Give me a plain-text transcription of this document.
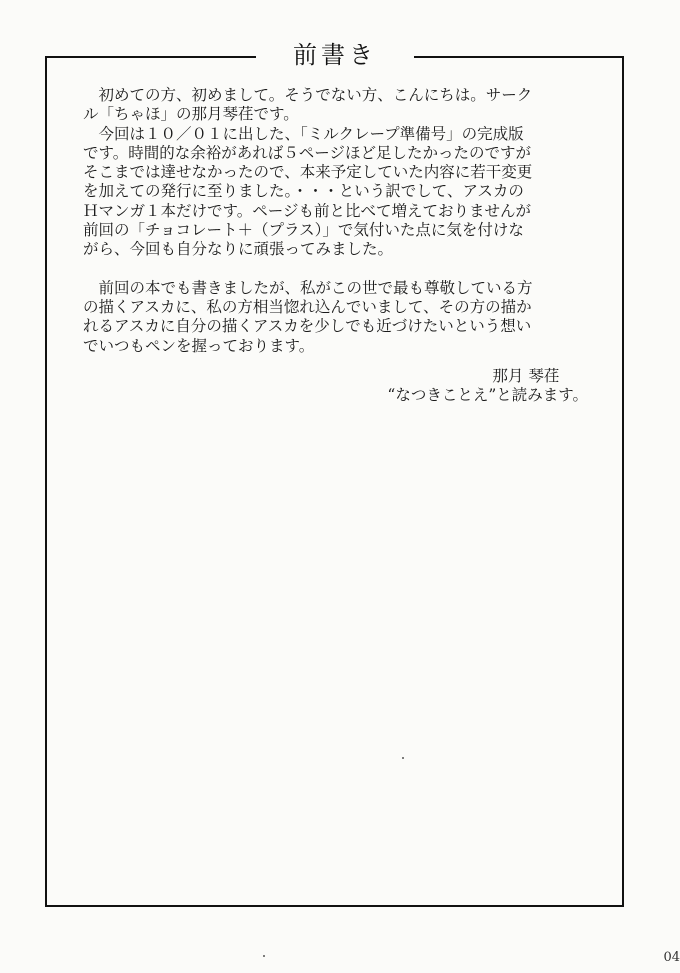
前書き

初めての方、初めまして。そうでない方、こんにちは。サーク
ル「ちゃほ」の那月琴荏です。

今回は１０／０１に出した、「ミルクレープ準備号」の完成版
です。時間的な余裕があれば５ページほど足したかったのですが
そこまでは達せなかったので、本来予定していた内容に若干変更
を加えての発行に至りました。・・・という訳でして、アスカの
Ｈマンガ１本だけです。ページも前と比べて増えておりませんが
前回の「チョコレート＋（プラス）」で気付いた点に気を付けな
がら、今回も自分なりに頑張ってみました。

前回の本でも書きましたが、私がこの世で最も尊敬している方
の描くアスカに、私の方相当惚れ込んでいまして、その方の描か
れるアスカに自分の描くアスカを少しでも近づけたいという想い
でいつもペンを握っております。

那月 琴荏
“なつきことえ”と読みます。
04
